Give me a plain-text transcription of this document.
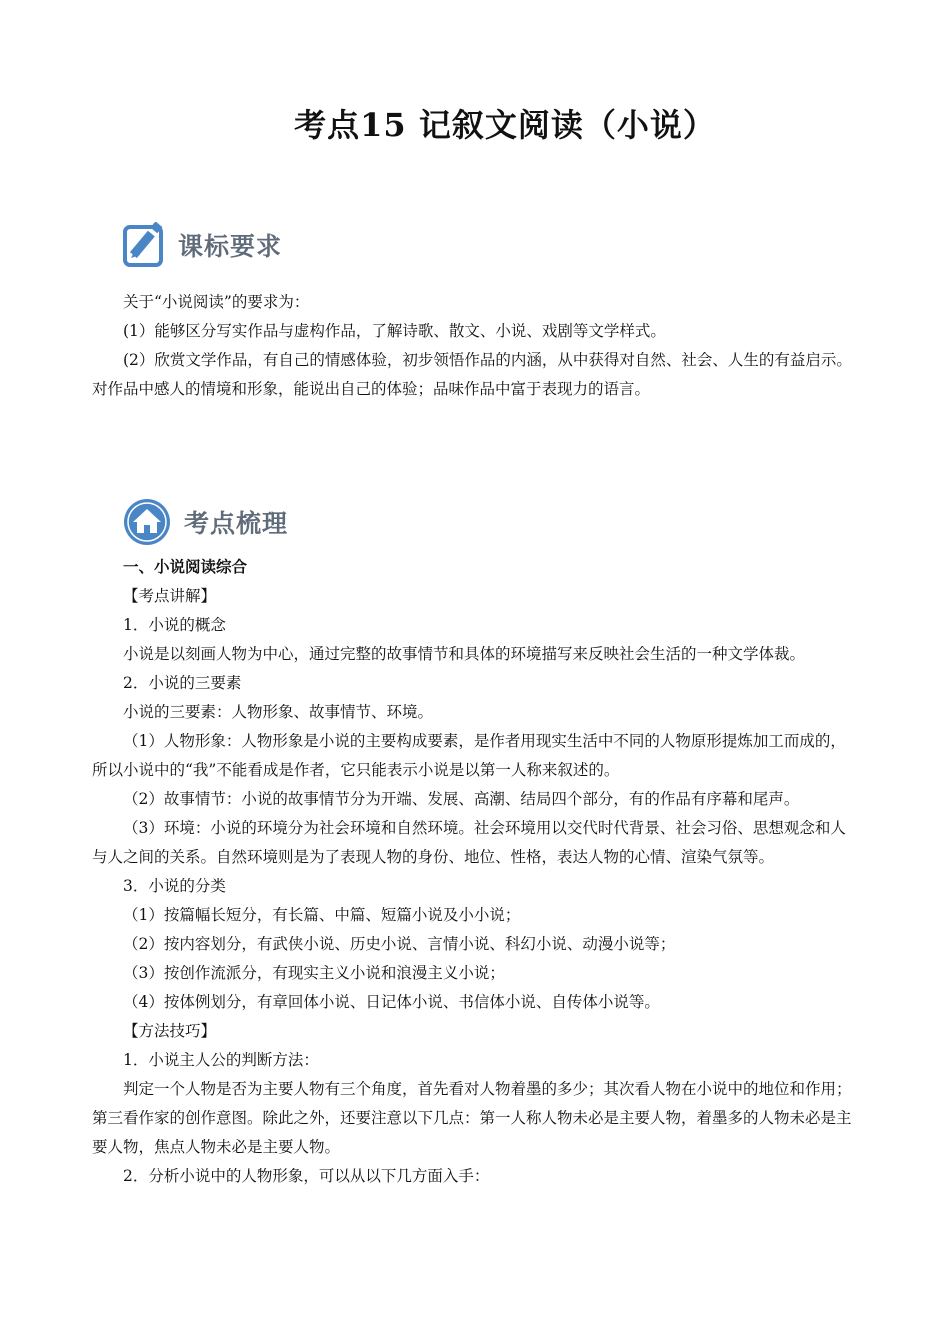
考点15 记叙文阅读（小说）
课标要求
关于“小说阅读”的要求为：
(1）能够区分写实作品与虚构作品，了解诗歌、散文、小说、戏剧等文学样式。
(2）欣赏文学作品，有自己的情感体验，初步领悟作品的内涵，从中获得对自然、社会、人生的有益启示。对作品中感人的情境和形象，能说出自己的体验；品味作品中富于表现力的语言。
考点梳理
一、小说阅读综合
【考点讲解】
1．小说的概念
小说是以刻画人物为中心，通过完整的故事情节和具体的环境描写来反映社会生活的一种文学体裁。
2．小说的三要素
小说的三要素：人物形象、故事情节、环境。
（1）人物形象：人物形象是小说的主要构成要素，是作者用现实生活中不同的人物原形提炼加工而成的，所以小说中的“我”不能看成是作者，它只能表示小说是以第一人称来叙述的。
（2）故事情节：小说的故事情节分为开端、发展、高潮、结局四个部分，有的作品有序幕和尾声。
（3）环境：小说的环境分为社会环境和自然环境。社会环境用以交代时代背景、社会习俗、思想观念和人与人之间的关系。自然环境则是为了表现人物的身份、地位、性格，表达人物的心情、渲染气氛等。
3．小说的分类
（1）按篇幅长短分，有长篇、中篇、短篇小说及小小说；
（2）按内容划分，有武侠小说、历史小说、言情小说、科幻小说、动漫小说等；
（3）按创作流派分，有现实主义小说和浪漫主义小说；
（4）按体例划分，有章回体小说、日记体小说、书信体小说、自传体小说等。
【方法技巧】
1．小说主人公的判断方法：
判定一个人物是否为主要人物有三个角度，首先看对人物着墨的多少；其次看人物在小说中的地位和作用；第三看作家的创作意图。除此之外，还要注意以下几点：第一人称人物未必是主要人物，着墨多的人物未必是主要人物，焦点人物未必是主要人物。
2．分析小说中的人物形象，可以从以下几方面入手：
